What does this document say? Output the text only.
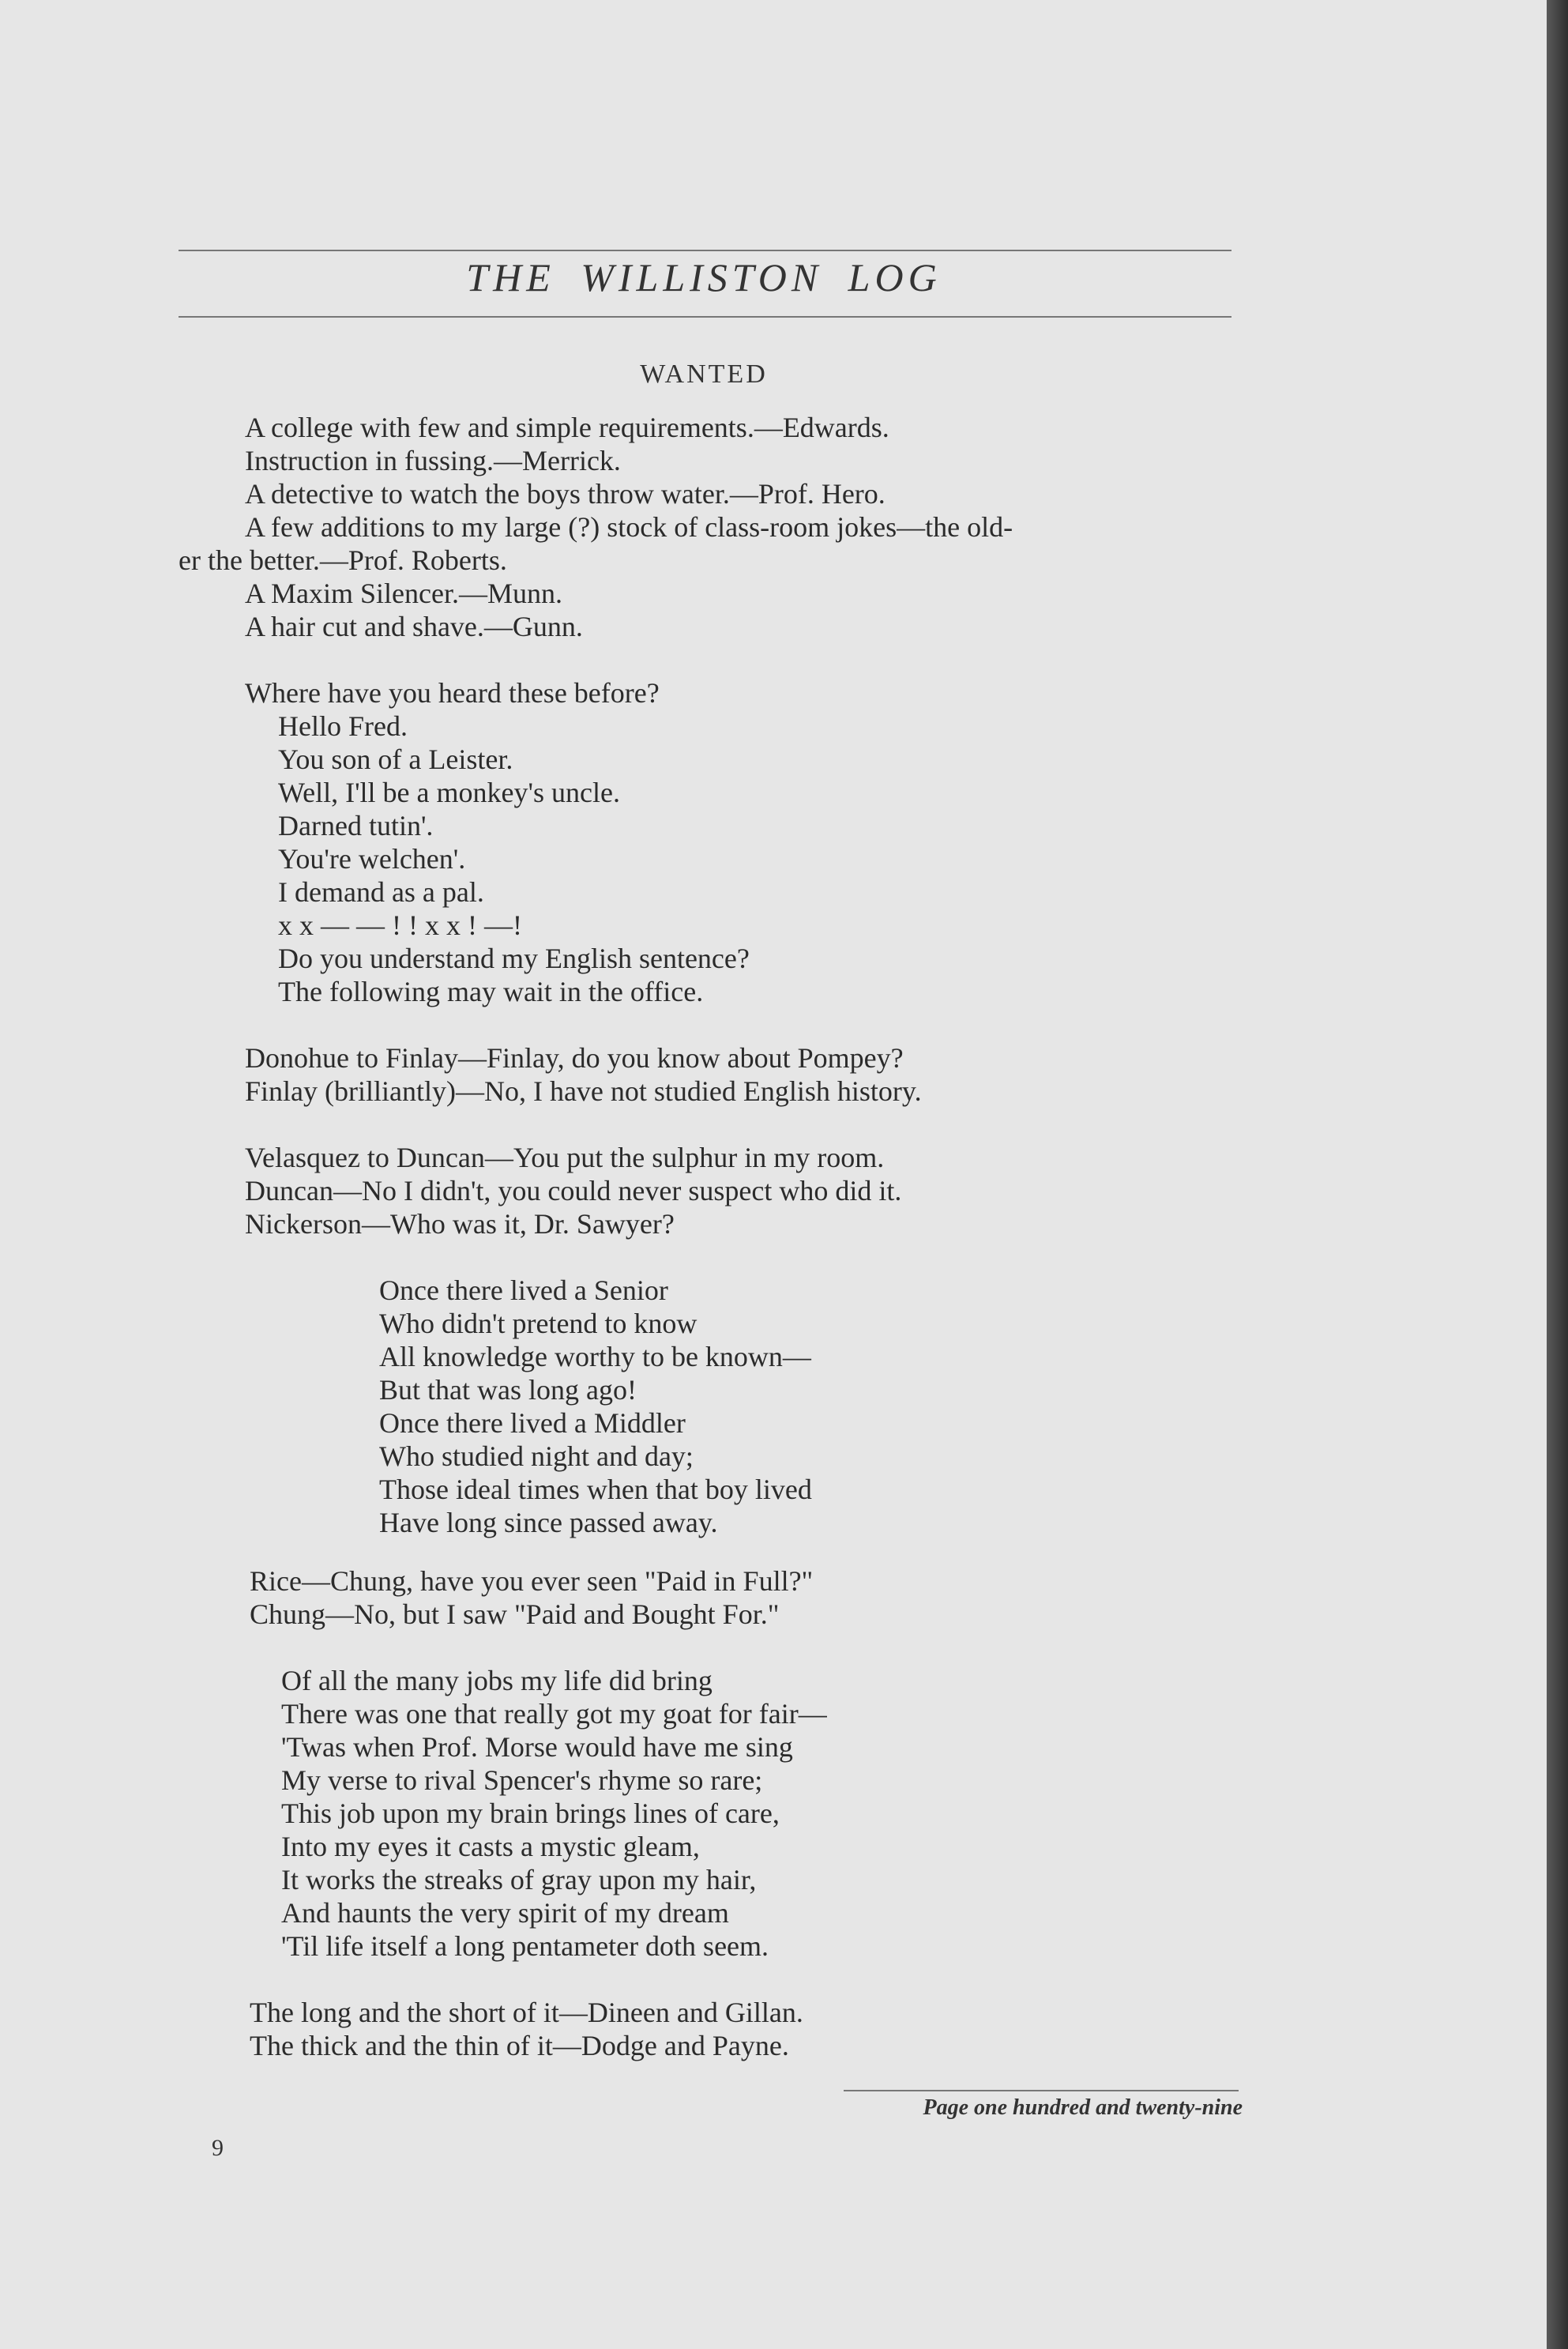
THE WILLISTON LOG
WANTED
A college with few and simple requirements.—Edwards.
Instruction in fussing.—Merrick.
A detective to watch the boys throw water.—Prof. Hero.
A few additions to my large (?) stock of class-room jokes—the old-
er the better.—Prof. Roberts.
A Maxim Silencer.—Munn.
A hair cut and shave.—Gunn.
Where have you heard these before?
Hello Fred.
You son of a Leister.
Well, I'll be a monkey's uncle.
Darned tutin'.
You're welchen'.
I demand as a pal.
x x — — ! ! x x ! —!
Do you understand my English sentence?
The following may wait in the office.
Donohue to Finlay—Finlay, do you know about Pompey?
Finlay (brilliantly)—No, I have not studied English history.
Velasquez to Duncan—You put the sulphur in my room.
Duncan—No I didn't, you could never suspect who did it.
Nickerson—Who was it, Dr. Sawyer?
Once there lived a Senior
Who didn't pretend to know
All knowledge worthy to be known—
But that was long ago!
Once there lived a Middler
Who studied night and day;
Those ideal times when that boy lived
Have long since passed away.
Rice—Chung, have you ever seen "Paid in Full?"
Chung—No, but I saw "Paid and Bought For."
Of all the many jobs my life did bring
There was one that really got my goat for fair—
'Twas when Prof. Morse would have me sing
My verse to rival Spencer's rhyme so rare;
This job upon my brain brings lines of care,
Into my eyes it casts a mystic gleam,
It works the streaks of gray upon my hair,
And haunts the very spirit of my dream
'Til life itself a long pentameter doth seem.
The long and the short of it—Dineen and Gillan.
The thick and the thin of it—Dodge and Payne.
Page one hundred and twenty-nine
9
